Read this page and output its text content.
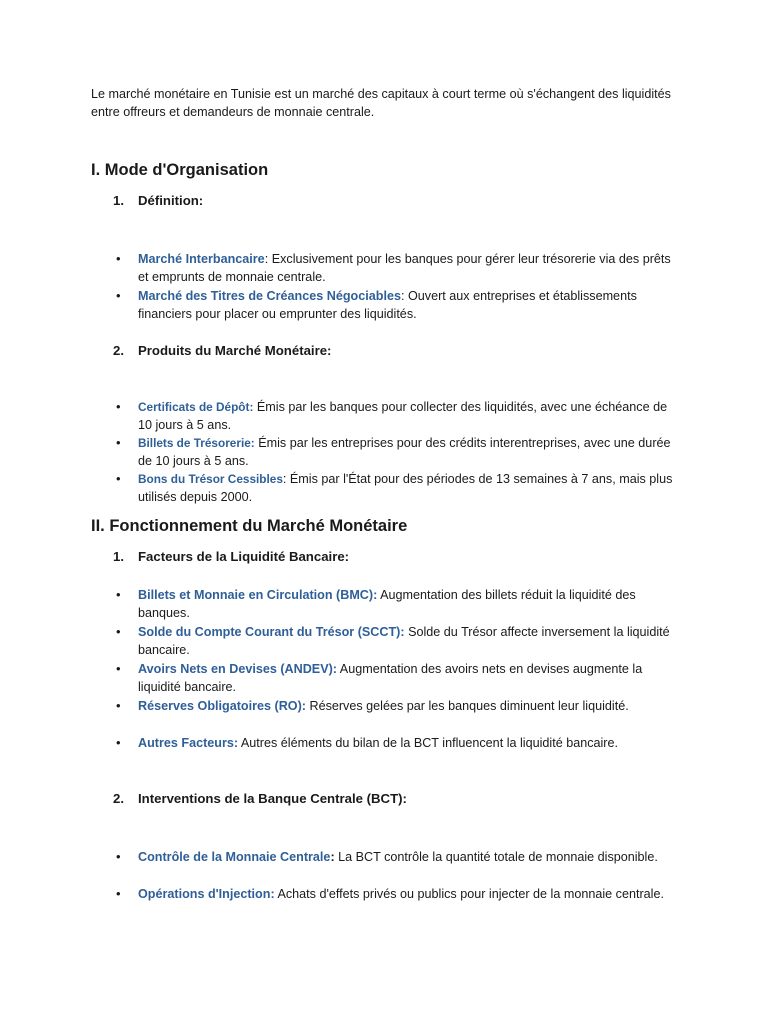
Le marché monétaire en Tunisie est un marché des capitaux à court terme où s'échangent des liquidités entre offreurs et demandeurs de monnaie centrale.

I. Mode d'Organisation
1. Définition:
• Marché Interbancaire: Exclusivement pour les banques pour gérer leur trésorerie via des prêts et emprunts de monnaie centrale.
• Marché des Titres de Créances Négociables: Ouvert aux entreprises et établissements financiers pour placer ou emprunter des liquidités.
2. Produits du Marché Monétaire:
• Certificats de Dépôt: Émis par les banques pour collecter des liquidités, avec une échéance de 10 jours à 5 ans.
• Billets de Trésorerie: Émis par les entreprises pour des crédits interentreprises, avec une durée de 10 jours à 5 ans.
• Bons du Trésor Cessibles: Émis par l'État pour des périodes de 13 semaines à 7 ans, mais plus utilisés depuis 2000.
II. Fonctionnement du Marché Monétaire
1. Facteurs de la Liquidité Bancaire:
• Billets et Monnaie en Circulation (BMC): Augmentation des billets réduit la liquidité des banques.
• Solde du Compte Courant du Trésor (SCCT): Solde du Trésor affecte inversement la liquidité bancaire.
• Avoirs Nets en Devises (ANDEV): Augmentation des avoirs nets en devises augmente la liquidité bancaire.
• Réserves Obligatoires (RO): Réserves gelées par les banques diminuent leur liquidité.
• Autres Facteurs: Autres éléments du bilan de la BCT influencent la liquidité bancaire.
2. Interventions de la Banque Centrale (BCT):
• Contrôle de la Monnaie Centrale: La BCT contrôle la quantité totale de monnaie disponible.
• Opérations d'Injection: Achats d'effets privés ou publics pour injecter de la monnaie centrale.
